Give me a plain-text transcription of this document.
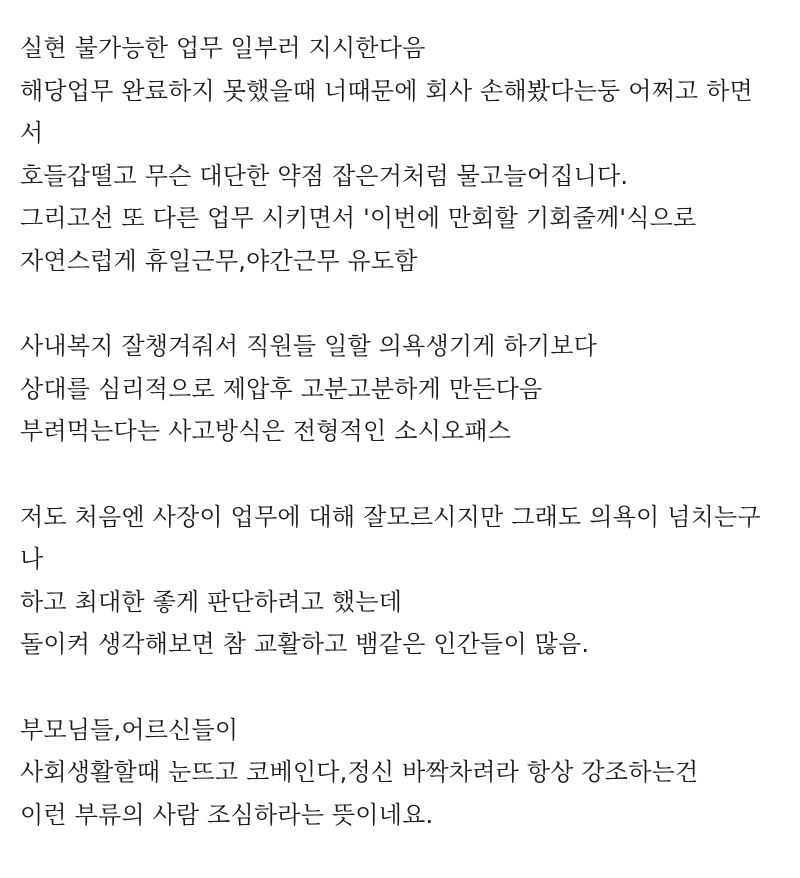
실현 불가능한 업무 일부러 지시한다음
해당업무 완료하지 못했을때 너때문에 회사 손해봤다는둥 어쩌고 하면
서
호들갑떨고 무슨 대단한 약점 잡은거처럼 물고늘어집니다.
그리고선 또 다른 업무 시키면서 '이번에 만회할 기회줄께'식으로
자연스럽게 휴일근무,야간근무 유도함
사내복지 잘챙겨줘서 직원들 일할 의욕생기게 하기보다
상대를 심리적으로 제압후 고분고분하게 만든다음
부려먹는다는 사고방식은 전형적인 소시오패스
저도 처음엔 사장이 업무에 대해 잘모르시지만 그래도 의욕이 넘치는구
나
하고 최대한 좋게 판단하려고 했는데
돌이켜 생각해보면 참 교활하고 뱀같은 인간들이 많음.
부모님들,어르신들이
사회생활할때 눈뜨고 코베인다,정신 바짝차려라 항상 강조하는건
이런 부류의 사람 조심하라는 뜻이네요.
